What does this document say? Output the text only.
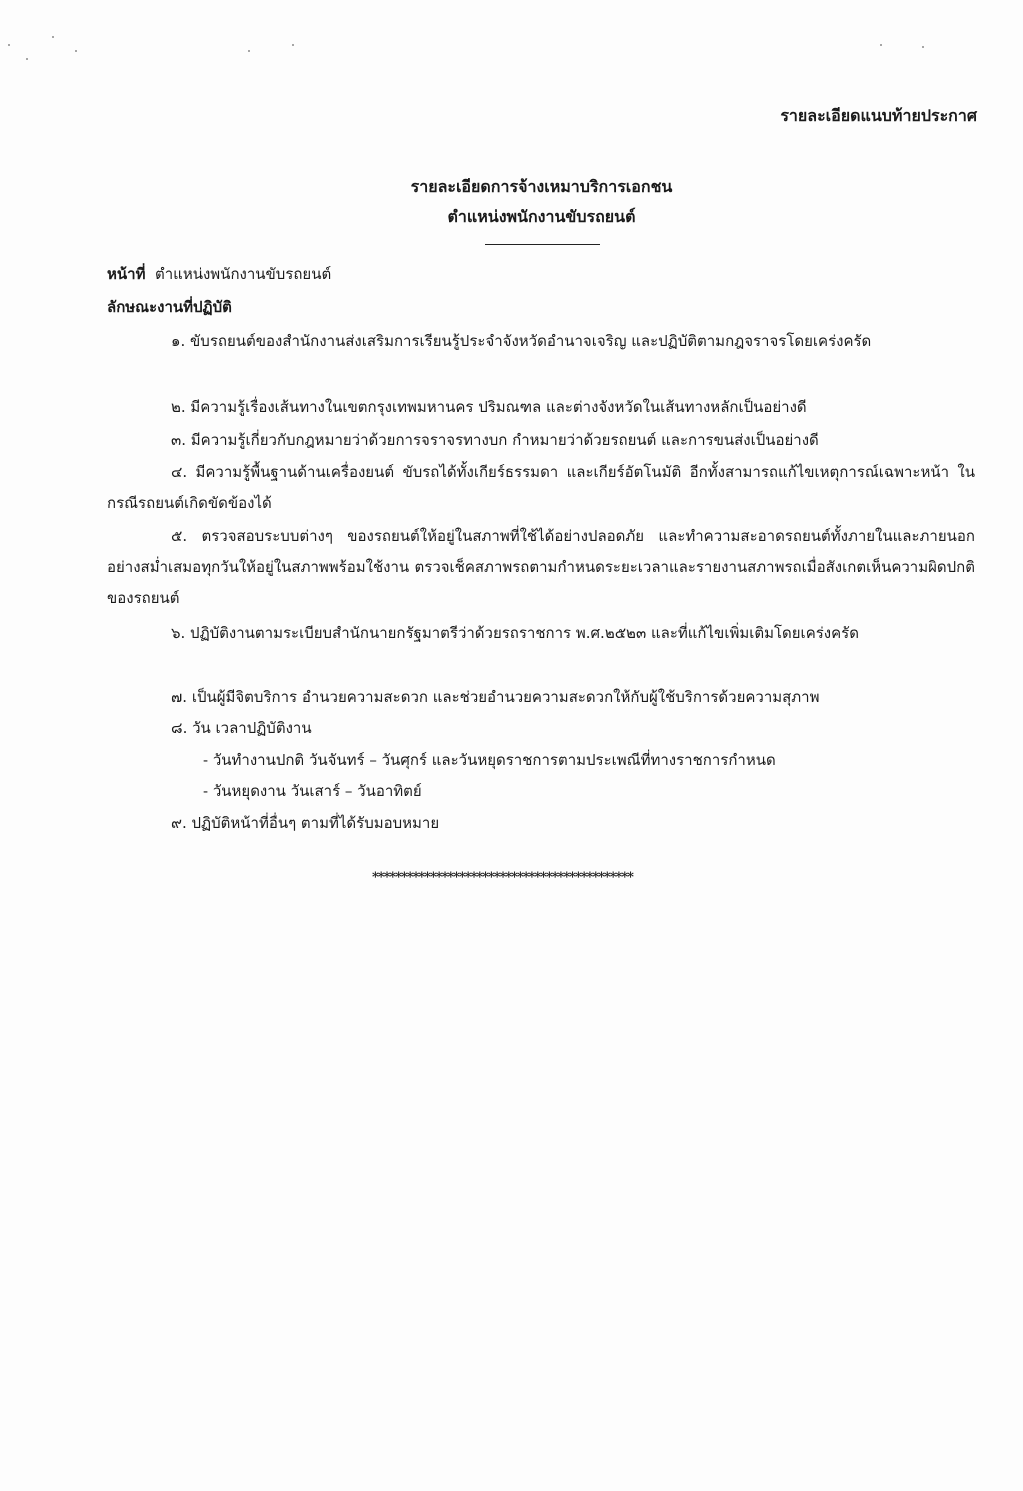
รายละเอียดแนบท้ายประกาศ
รายละเอียดการจ้างเหมาบริการเอกชน
ตำแหน่งพนักงานขับรถยนต์
หน้าที่ ตำแหน่งพนักงานขับรถยนต์
ลักษณะงานที่ปฏิบัติ
๑. ขับรถยนต์ของสำนักงานส่งเสริมการเรียนรู้ประจำจังหวัดอำนาจเจริญ และปฏิบัติตามกฎจราจรโดยเคร่งครัด
๒. มีความรู้เรื่องเส้นทางในเขตกรุงเทพมหานคร ปริมณฑล และต่างจังหวัดในเส้นทางหลักเป็นอย่างดี
๓. มีความรู้เกี่ยวกับกฎหมายว่าด้วยการจราจรทางบก กำหมายว่าด้วยรถยนต์ และการขนส่งเป็นอย่างดี
๔. มีความรู้พื้นฐานด้านเครื่องยนต์ ขับรถได้ทั้งเกียร์ธรรมดา และเกียร์อัตโนมัติ อีกทั้งสามารถแก้ไขเหตุการณ์เฉพาะหน้า ในกรณีรถยนต์เกิดขัดข้องได้
๕. ตรวจสอบระบบต่างๆ ของรถยนต์ให้อยู่ในสภาพที่ใช้ได้อย่างปลอดภัย และทำความสะอาดรถยนต์ทั้งภายในและภายนอกอย่างสม่ำเสมอทุกวันให้อยู่ในสภาพพร้อมใช้งาน ตรวจเช็คสภาพรถตามกำหนดระยะเวลาและรายงานสภาพรถเมื่อสังเกตเห็นความผิดปกติของรถยนต์
๖. ปฏิบัติงานตามระเบียบสำนักนายกรัฐมาตรีว่าด้วยรถราชการ พ.ศ.๒๕๒๓ และที่แก้ไขเพิ่มเติมโดยเคร่งครัด
๗. เป็นผู้มีจิตบริการ อำนวยความสะดวก และช่วยอำนวยความสะดวกให้กับผู้ใช้บริการด้วยความสุภาพ
๘. วัน เวลาปฏิบัติงาน
- วันทำงานปกติ วันจันทร์ – วันศุกร์ และวันหยุดราชการตามประเพณีที่ทางราชการกำหนด
- วันหยุดงาน วันเสาร์ – วันอาทิตย์
๙. ปฏิบัติหน้าที่อื่นๆ ตามที่ได้รับมอบหมาย
*********************************************
